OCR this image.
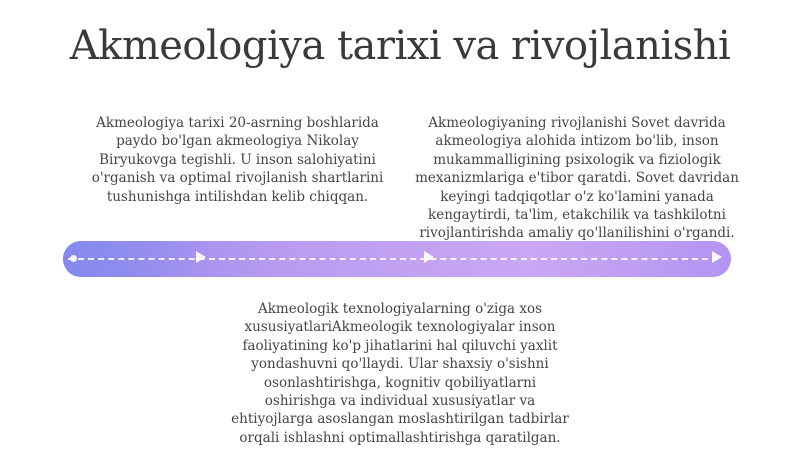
Akmeologiya tarixi va rivojlanishi

Akmeologiya tarixi 20-asrning boshlarida paydo bo'lgan akmeologiya Nikolay Biryukovga tegishli. U inson salohiyatini o'rganish va optimal rivojlanish shartlarini tushunishga intilishdan kelib chiqqan.

Akmeologiyaning rivojlanishi Sovet davrida akmeologiya alohida intizom bo'lib, inson mukammalligining psixologik va fiziologik mexanizmlariga e'tibor qaratdi. Sovet davridan keyingi tadqiqotlar o'z ko'lamini yanada kengaytirdi, ta'lim, etakchilik va tashkilotni rivojlantirishda amaliy qo'llanilishini o'rgandi.

Akmeologik texnologiyalarning o'ziga xos xususiyatlariAkmeologik texnologiyalar inson faoliyatining ko'p jihatlarini hal qiluvchi yaxlit yondashuvni qo'llaydi. Ular shaxsiy o'sishni osonlashtirishga, kognitiv qobiliyatlarni oshirishga va individual xususiyatlar va ehtiyojlarga asoslangan moslashtirilgan tadbirlar orqali ishlashni optimallashtirishga qaratilgan.
